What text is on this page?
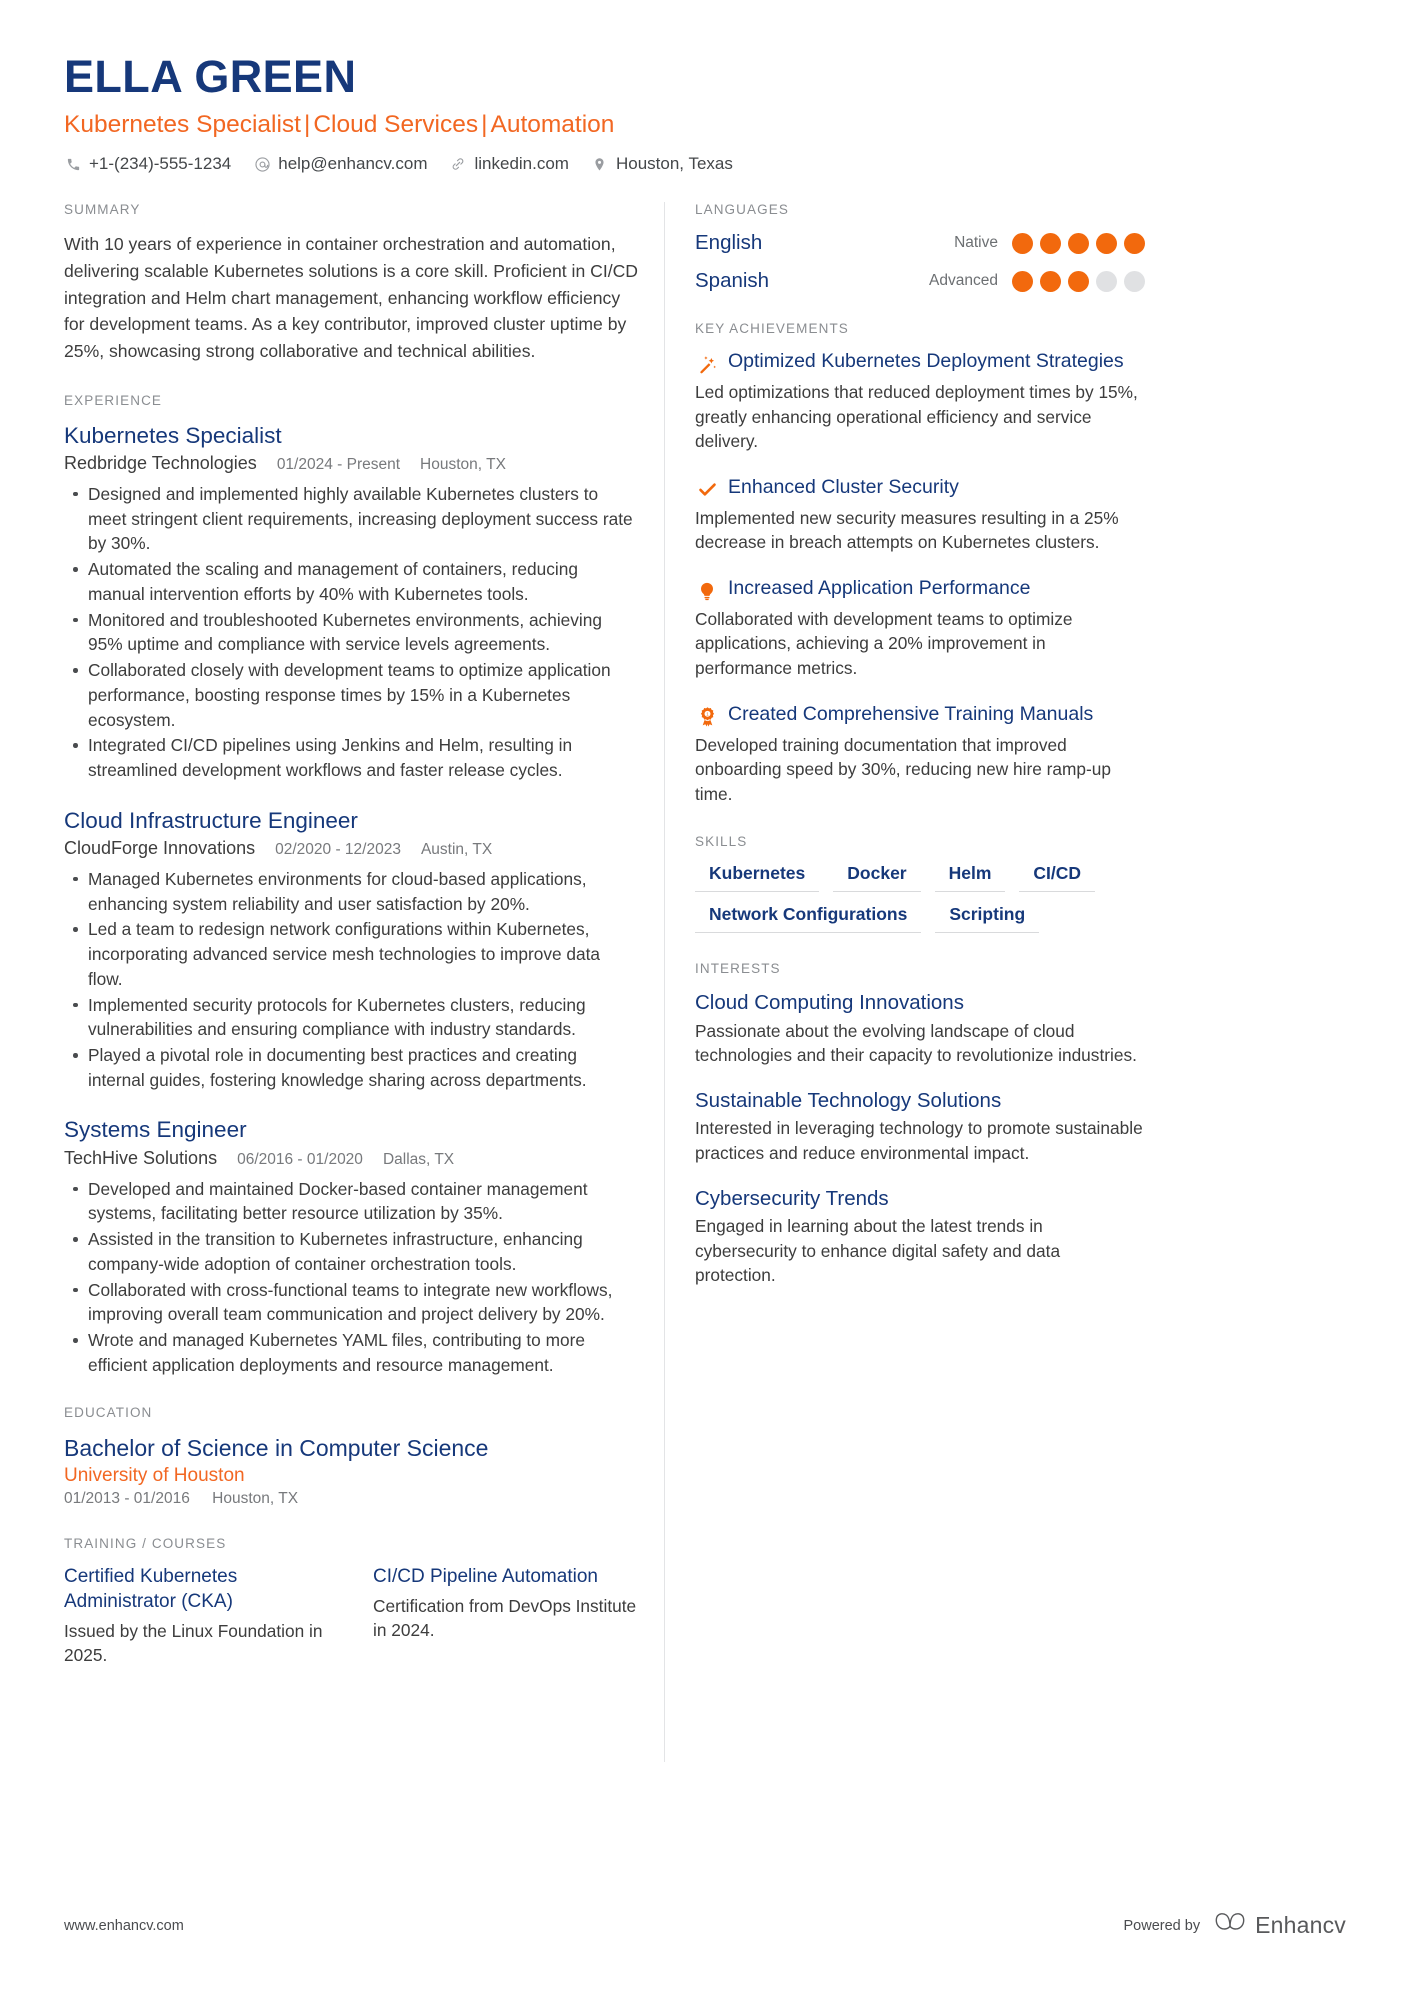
ELLA GREEN
Kubernetes Specialist | Cloud Services | Automation
+1-(234)-555-1234	help@enhancv.com	linkedin.com	Houston, Texas
SUMMARY
With 10 years of experience in container orchestration and automation, delivering scalable Kubernetes solutions is a core skill. Proficient in CI/CD integration and Helm chart management, enhancing workflow efficiency for development teams. As a key contributor, improved cluster uptime by 25%, showcasing strong collaborative and technical abilities.
EXPERIENCE
Kubernetes Specialist
Redbridge Technologies 01/2024 - Present Houston, TX
Designed and implemented highly available Kubernetes clusters to meet stringent client requirements, increasing deployment success rate by 30%.
Automated the scaling and management of containers, reducing manual intervention efforts by 40% with Kubernetes tools.
Monitored and troubleshooted Kubernetes environments, achieving 95% uptime and compliance with service levels agreements.
Collaborated closely with development teams to optimize application performance, boosting response times by 15% in a Kubernetes ecosystem.
Integrated CI/CD pipelines using Jenkins and Helm, resulting in streamlined development workflows and faster release cycles.
Cloud Infrastructure Engineer
CloudForge Innovations 02/2020 - 12/2023 Austin, TX
Managed Kubernetes environments for cloud-based applications, enhancing system reliability and user satisfaction by 20%.
Led a team to redesign network configurations within Kubernetes, incorporating advanced service mesh technologies to improve data flow.
Implemented security protocols for Kubernetes clusters, reducing vulnerabilities and ensuring compliance with industry standards.
Played a pivotal role in documenting best practices and creating internal guides, fostering knowledge sharing across departments.
Systems Engineer
TechHive Solutions 06/2016 - 01/2020 Dallas, TX
Developed and maintained Docker-based container management systems, facilitating better resource utilization by 35%.
Assisted in the transition to Kubernetes infrastructure, enhancing company-wide adoption of container orchestration tools.
Collaborated with cross-functional teams to integrate new workflows, improving overall team communication and project delivery by 20%.
Wrote and managed Kubernetes YAML files, contributing to more efficient application deployments and resource management.
EDUCATION
Bachelor of Science in Computer Science
University of Houston
01/2013 - 01/2016 Houston, TX
TRAINING / COURSES
Certified Kubernetes Administrator (CKA)
Issued by the Linux Foundation in 2025.
CI/CD Pipeline Automation
Certification from DevOps Institute in 2024.
LANGUAGES
English	Native
Spanish	Advanced
KEY ACHIEVEMENTS
Optimized Kubernetes Deployment Strategies
Led optimizations that reduced deployment times by 15%, greatly enhancing operational efficiency and service delivery.
Enhanced Cluster Security
Implemented new security measures resulting in a 25% decrease in breach attempts on Kubernetes clusters.
Increased Application Performance
Collaborated with development teams to optimize applications, achieving a 20% improvement in performance metrics.
1 Created Comprehensive Training Manuals
Developed training documentation that improved onboarding speed by 30%, reducing new hire ramp-up time.
SKILLS
Kubernetes	Docker	Helm	CI/CD
Network Configurations	Scripting
INTERESTS
Cloud Computing Innovations
Passionate about the evolving landscape of cloud technologies and their capacity to revolutionize industries.
Sustainable Technology Solutions
Interested in leveraging technology to promote sustainable practices and reduce environmental impact.
Cybersecurity Trends
Engaged in learning about the latest trends in cybersecurity to enhance digital safety and data protection.
www.enhancv.com	Powered by Enhancv
